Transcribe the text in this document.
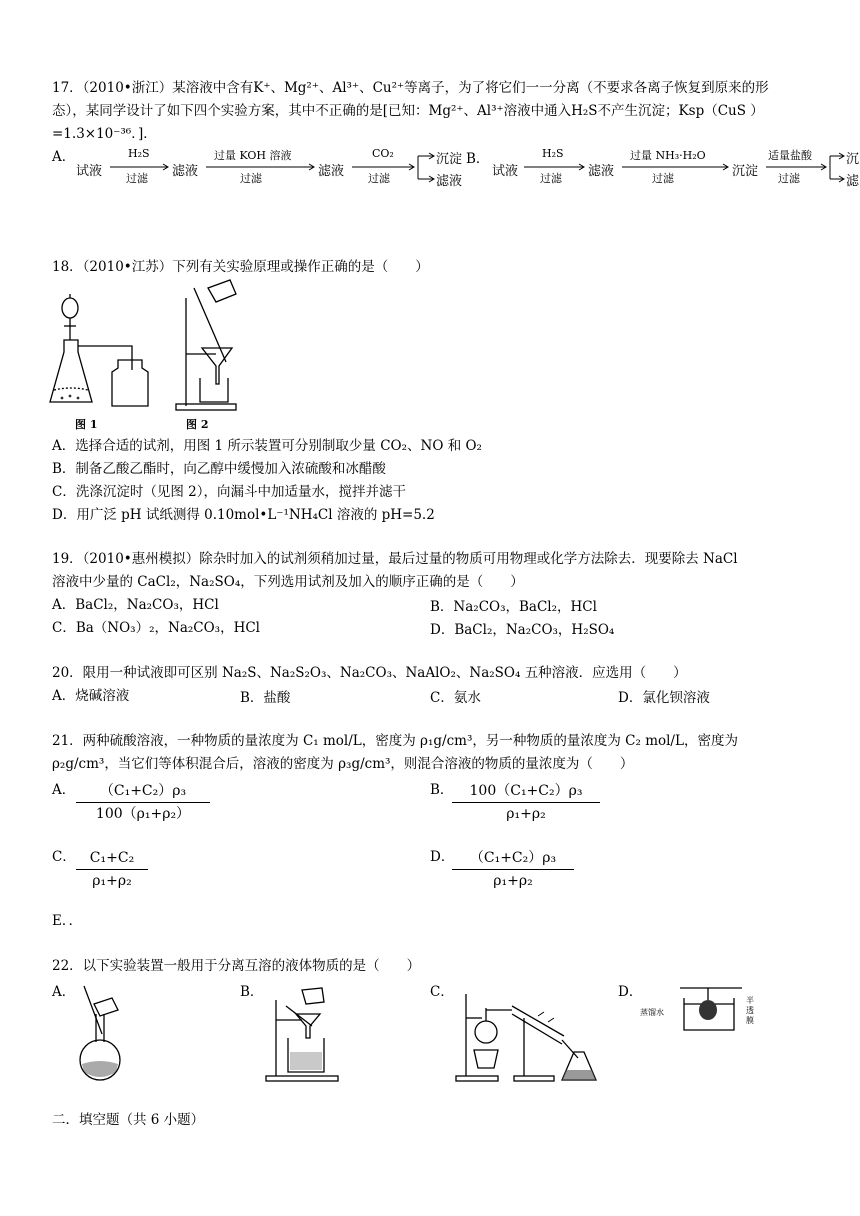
17．（2010•浙江）某溶液中含有K⁺、Mg²⁺、Al³⁺、Cu²⁺等离子，为了将它们一一分离（不要求各离子恢复到原来的形
态），某同学设计了如下四个实验方案，其中不正确的是[已知：Mg²⁺、Al³⁺溶液中通入H₂S不产生沉淀；Ksp（CuS ）
=1.3×10⁻³⁶．]．
A．
试液
H₂S
过滤 滤液
过量 KOH 溶液
过滤	滤液
CO₂
过滤
沉淀
滤液
B．
试液
H₂S
过滤 滤液
过量 NH₃·H₂O
过滤	沉淀
适量盐酸
过滤
沉
滤
18．（2010•江苏）下列有关实验原理或操作正确的是（　　）
图 1	图 2
A．选择合适的试剂，用图 1 所示装置可分别制取少量 CO₂、NO 和 O₂
B．制备乙酸乙酯时，向乙醇中缓慢加入浓硫酸和冰醋酸
C．洗涤沉淀时（见图 2），向漏斗中加适量水，搅拌并滤干
D．用广泛 pH 试纸测得 0.10mol•L⁻¹NH₄Cl 溶液的 pH=5.2
19．（2010•惠州模拟）除杂时加入的试剂须稍加过量，最后过量的物质可用物理或化学方法除去．现要除去 NaCl
溶液中少量的 CaCl₂，Na₂SO₄，下列选用试剂及加入的顺序正确的是（　　）
A．BaCl₂，Na₂CO₃，HCl	B．Na₂CO₃，BaCl₂，HCl
C．Ba（NO₃）₂，Na₂CO₃，HCl	D．BaCl₂，Na₂CO₃，H₂SO₄
20．限用一种试液即可区别 Na₂S、Na₂S₂O₃、Na₂CO₃、NaAlO₂、Na₂SO₄ 五种溶液．应选用（　　）
A．烧碱溶液	B．盐酸	C．氨水	D．氯化钡溶液
21．两种硫酸溶液，一种物质的量浓度为 C₁ mol/L，密度为 ρ₁g/cm³，另一种物质的量浓度为 C₂ mol/L，密度为
ρ₂g/cm³，当它们等体积混合后，溶液的密度为 ρ₃g/cm³，则混合溶液的物质的量浓度为（　　）
A．	（C₁+C₂）ρ₃
100（ρ₁+ρ₂）
B．	100（C₁+C₂）ρ₃
ρ₁+ρ₂
C． C₁+C₂
ρ₁+ρ₂
D．	（C₁+C₂）ρ₃
ρ₁+ρ₂
E．．
22．以下实验装置一般用于分离互溶的液体物质的是（　　）
A．	B．	C．	D．
蒸馏水
半
透
膜
二．填空题（共 6 小题）
